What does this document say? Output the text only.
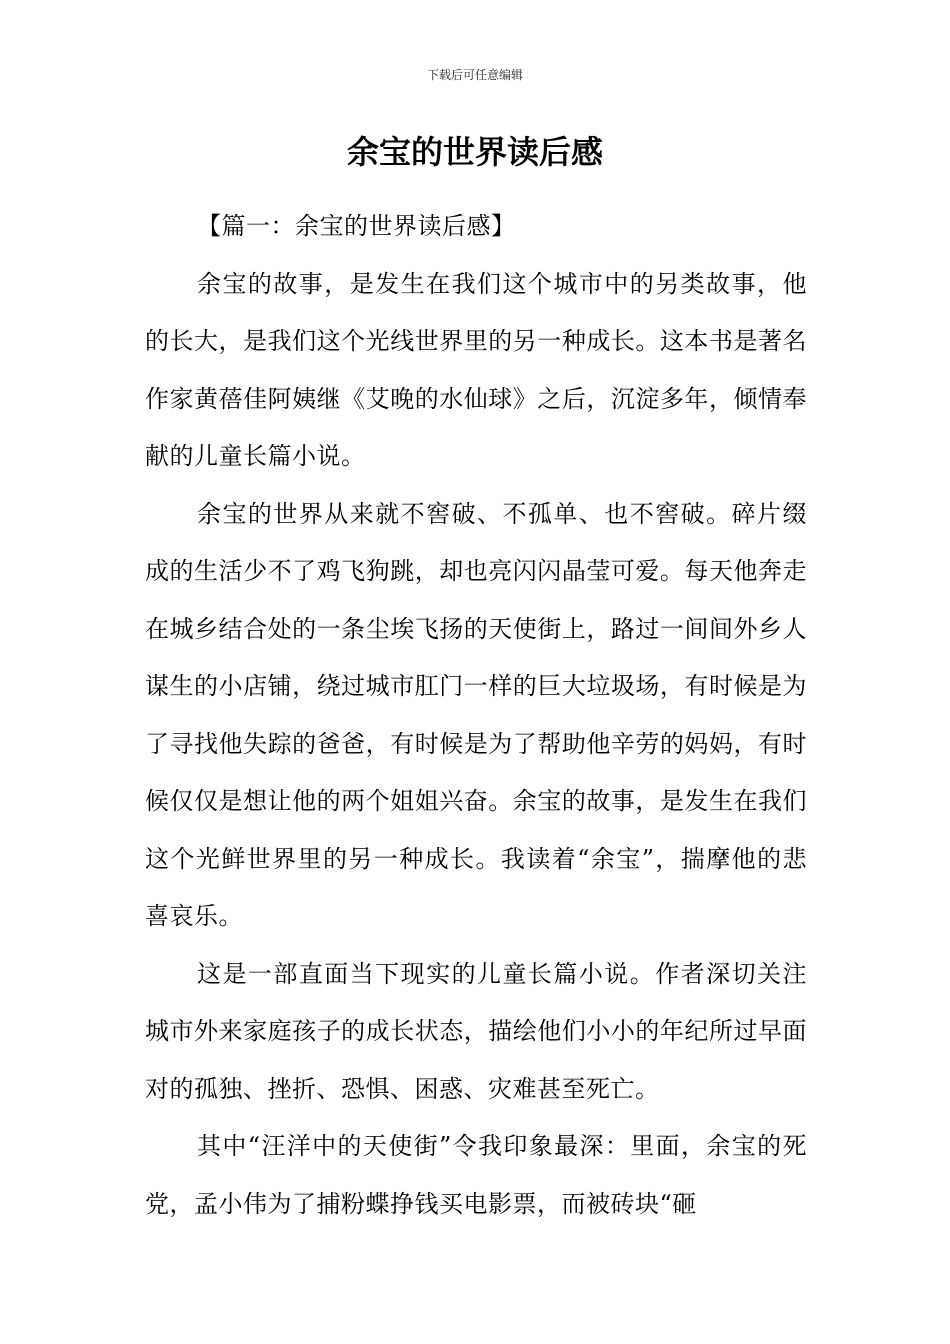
下载后可任意编辑
余宝的世界读后感

【篇一：余宝的世界读后感】

余宝的故事，是发生在我们这个城市中的另类故事，他的长大，是我们这个光线世界里的另一种成长。这本书是著名作家黄蓓佳阿姨继《艾晚的水仙球》之后，沉淀多年，倾情奉献的儿童长篇小说。

余宝的世界从来就不窖破、不孤单、也不窖破。碎片缀成的生活少不了鸡飞狗跳，却也亮闪闪晶莹可爱。每天他奔走在城乡结合处的一条尘埃飞扬的天使街上，路过一间间外乡人谋生的小店铺，绕过城市肛门一样的巨大垃圾场，有时候是为了寻找他失踪的爸爸，有时候是为了帮助他辛劳的妈妈，有时候仅仅是想让他的两个姐姐兴奋。余宝的故事，是发生在我们这个光鲜世界里的另一种成长。我读着“余宝”，揣摩他的悲喜哀乐。

这是一部直面当下现实的儿童长篇小说。作者深切关注城市外来家庭孩子的成长状态，描绘他们小小的年纪所过早面对的孤独、挫折、恐惧、困惑、灾难甚至死亡。

其中“汪洋中的天使街”令我印象最深：里面，余宝的死党，孟小伟为了捕粉蝶挣钱买电影票，而被砖块“砸
